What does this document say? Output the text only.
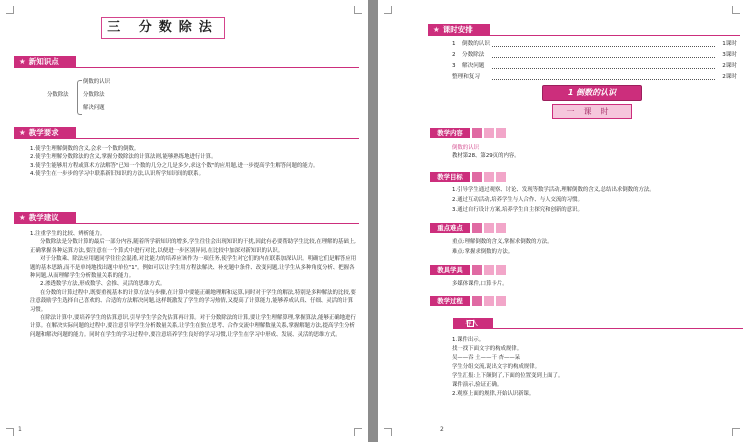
三 分数除法
★ 新知识点
分数除法
倒数的认识
分数除法
解决问题
★ 教学要求

1.使学生理解倒数的含义,会求一个数的倒数。

2.使学生理解分数除法的含义,掌握分数除法的计算法则,能够熟练地进行计算。

3.使学生能够用方程或算术方法解答"已知一个数的几分之几是多少,求这个数"的应用题,进一步提高学生解答问题的能力。

4.使学生在一步步的学习中联系新旧知识的方法,认识所学知识间的联系。

★ 教学建议

1.注重学生的比较、辨析能力。

分数除法是分数计算的最后一部分内容,随着所学新知识的增多,学生往往会出现知识的干扰,因此有必要帮助学生比较,在理解的基础上,正确掌握各种运算方法,要注意在一个算式中进行对比,以便进一步区别异同,在比较中加深对新知识的认识。

对于分数乘、除法应用题同学往往会混淆,对比能力的培养应该作为一项任务,使学生对它们的内在联系加深认识。明确它们是解答应用题的基本思路,而不是单纯地找出题中单位"1"。例如可以让学生用方程法解决、补充题中条件、改变问题,让学生从多种角度分析、把握各种问题,从而理解学生分析数量关系的能力。

2.渗透数学方法,形成数学、会推、灵活的思维方式。

在分数的计算过程中,既要重视基本的计算方法与步骤,在计算中要能正确地理解和运算,同时对于学生的解法,特别是多种解法的比较,要注意鼓励学生选择自己喜欢的、合适的方法解决问题,这样既激发了学生的学习热情,又提高了计算能力,能够养成认真、仔细、灵活的计算习惯。

在除法计算中,要培养学生的估算意识,引导学生学会先估算再计算。对于分数除法的计算,要让学生理解算理,掌握算法,能够正确地进行计算。在解决实际问题的过程中,要注意引导学生分析数量关系,让学生在独立思考、合作交流中理解数量关系,掌握解题方法,提高学生分析问题和解决问题的能力。同时在学生的学习过程中,要注意培养学生良好的学习习惯,让学生在学习中形成、发展、灵活的思维方式。

1	2
★ 课时安排
1 倒数的认识	1课时
2 分数除法	3课时
3 解决问题	2课时
整理和复习	2课时
1 倒数的认识
一课时
教学内容
倒数的认识
教材第28、第29页的内容。
教学目标
1.引导学生通过观察、讨论、发现等数学活动,理解倒数的含义,总结出求倒数的方法。
2.通过互动活动,培养学生与人合作、与人交流的习惯。
3.通过自行设计方案,培养学生自主探究和创新的意识。
重点难点
重点:理解倒数的含义,掌握求倒数的方法。
难点:掌握求倒数的方法。
教具学具
多媒体课件,口算卡片。
教学过程
导入
1.课件出示。
找一找下面文字的构成规律。
吴——吞 土——干 杏——呆
学生分组交流,说出文字的构成规律。
学生汇报:上下颠倒了,下面的位置变到上面了。
课件演示,验证正确。
2.观察上面的规律,开始认识新课。
